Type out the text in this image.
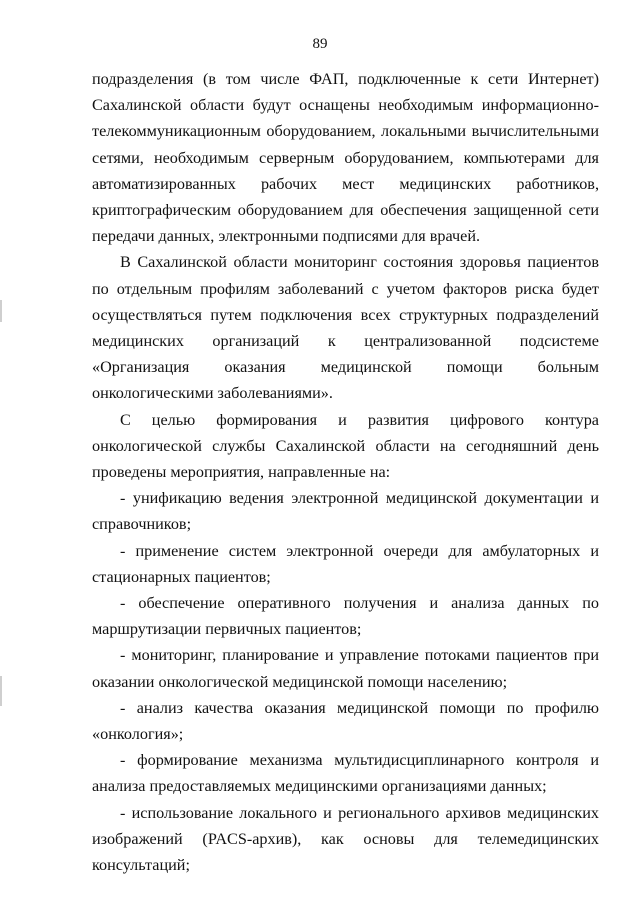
89

подразделения (в том числе ФАП, подключенные к сети Интернет) Сахалинской области будут оснащены необходимым информационно-телекоммуникационным оборудованием, локальными вычислительными сетями, необходимым серверным оборудованием, компьютерами для автоматизированных рабочих мест медицинских работников, криптографическим оборудованием для обеспечения защищенной сети передачи данных, электронными подписями для врачей.

В Сахалинской области мониторинг состояния здоровья пациентов по отдельным профилям заболеваний с учетом факторов риска будет осуществляться путем подключения всех структурных подразделений медицинских организаций к централизованной подсистеме «Организация оказания медицинской помощи больным онкологическими заболеваниями».

С целью формирования и развития цифрового контура онкологической службы Сахалинской области на сегодняшний день проведены мероприятия, направленные на:

- унификацию ведения электронной медицинской документации и справочников;

- применение систем электронной очереди для амбулаторных и стационарных пациентов;

- обеспечение оперативного получения и анализа данных по маршрутизации первичных пациентов;

- мониторинг, планирование и управление потоками пациентов при оказании онкологической медицинской помощи населению;

- анализ качества оказания медицинской помощи по профилю «онкология»;

- формирование механизма мультидисциплинарного контроля и анализа предоставляемых медицинскими организациями данных;

- использование локального и регионального архивов медицинских изображений (PACS-архив), как основы для телемедицинских консультаций;
